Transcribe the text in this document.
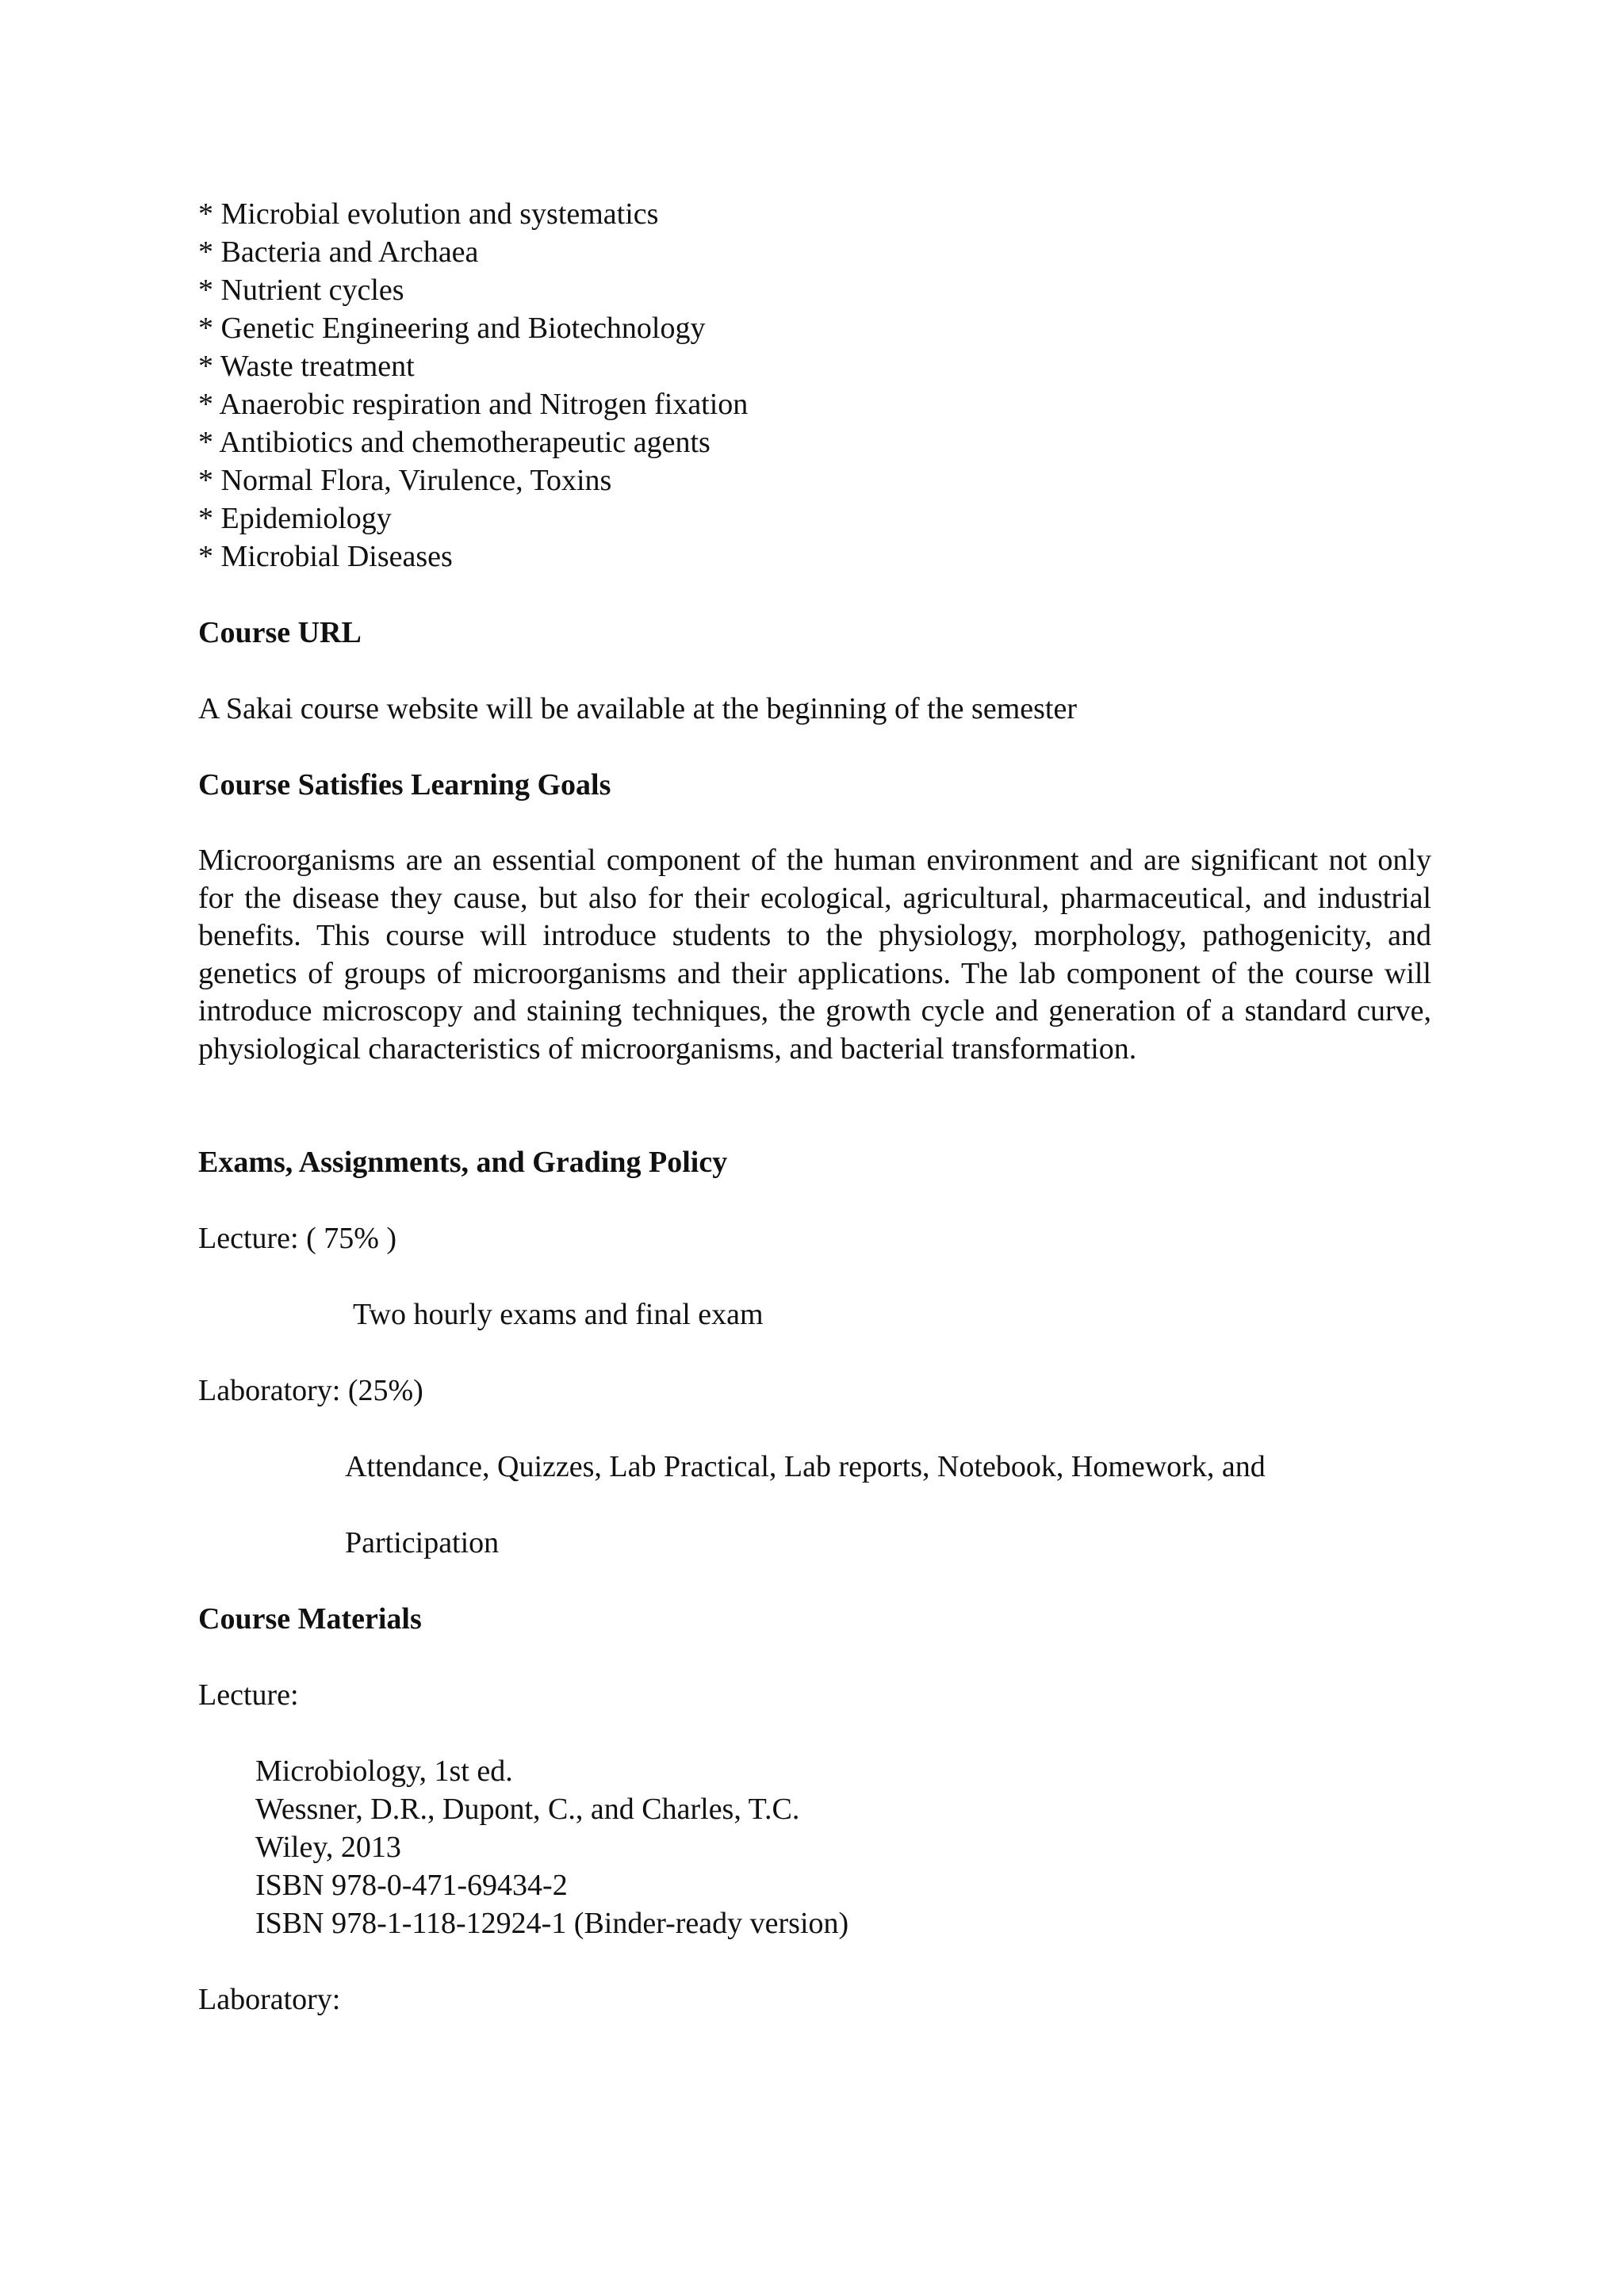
* Microbial evolution and systematics
* Bacteria and Archaea
* Nutrient cycles
* Genetic Engineering and Biotechnology
* Waste treatment
* Anaerobic respiration and Nitrogen fixation
* Antibiotics and chemotherapeutic agents
* Normal Flora, Virulence, Toxins
* Epidemiology
* Microbial Diseases
Course URL
A Sakai course website will be available at the beginning of the semester
Course Satisfies Learning Goals
Microorganisms are an essential component of the human environment and are significant not only for the disease they cause, but also for their ecological, agricultural, pharmaceutical, and industrial benefits. This course will introduce students to the physiology, morphology, pathogenicity, and genetics of groups of microorganisms and their applications. The lab component of the course will introduce microscopy and staining techniques, the growth cycle and generation of a standard curve, physiological characteristics of microorganisms, and bacterial transformation.
Exams, Assignments, and Grading Policy
Lecture: ( 75% )
Two hourly exams and final exam
Laboratory: (25%)
Attendance, Quizzes, Lab Practical, Lab reports, Notebook, Homework, and
Participation
Course Materials
Lecture:
Microbiology, 1st ed.
Wessner, D.R., Dupont, C., and Charles, T.C.
Wiley, 2013
ISBN 978-0-471-69434-2
ISBN 978-1-118-12924-1 (Binder-ready version)
Laboratory:
